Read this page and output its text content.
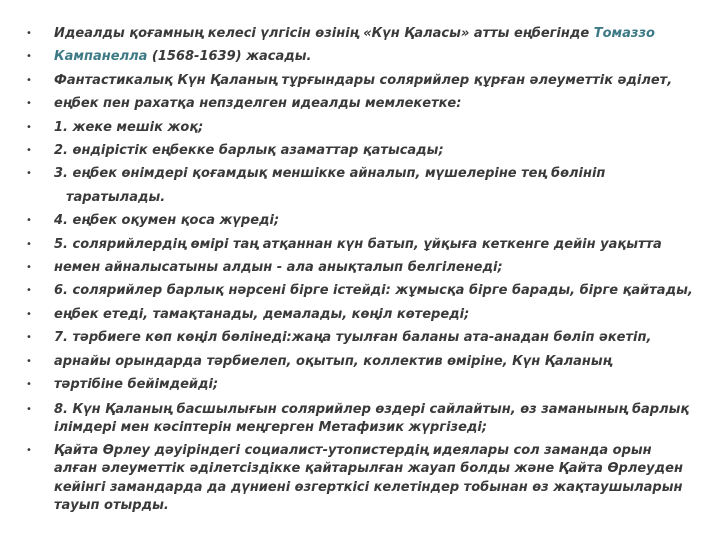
• Идеалды қоғамның келесі үлгісін өзінің «Күн Қаласы» атты еңбегінде Томаззо
• Кампанелла (1568-1639) жасады.
• Фантастикалық Күн Қаланың тұрғындары солярийлер құрған әлеуметтік әділет,
• еңбек пен рахатқа непзделген идеалды мемлекетке:
• 1. жеке мешік жоқ;
• 2. өндірістік еңбекке барлық азаматтар қатысады;
• 3. еңбек өнімдері қоғамдық меншікке айналып, мүшелеріне тең бөлініп
таратылады.
• 4. еңбек оқумен қоса жүреді;
• 5. солярийлердің өмірі таң атқаннан күн батып, ұйқыға кеткенге дейін уақытта
• немен айналысатыны алдын - ала анықталып белгіленеді;
• 6. солярийлер барлық нәрсені бірге істейді: жұмысқа бірге барады, бірге қайтады,
• еңбек етеді, тамақтанады, демалады, көңіл көтереді;
• 7. тәрбиеге көп көңіл бөлінеді:жаңа туылған баланы ата-анадан бөліп әкетіп,
• арнайы орындарда тәрбиелеп, оқытып, коллектив өміріне, Күн Қаланың
• тәртібіне бейімдейді;
• 8. Күн Қаланың басшылығын солярийлер өздері сайлайтын, өз заманының барлық ілімдері мен кәсіптерін меңгерген Метафизик жүргізеді;
• Қайта Өрлеу дәуіріндегі социалист-утопистердің идеялары сол заманда орын алған әлеуметтік әділетсіздікке қайтарылған жауап болды және Қайта Өрлеуден кейінгі замандарда да дүниені өзгерткісі келетіндер тобынан өз жақтаушыларын тауып отырды.
